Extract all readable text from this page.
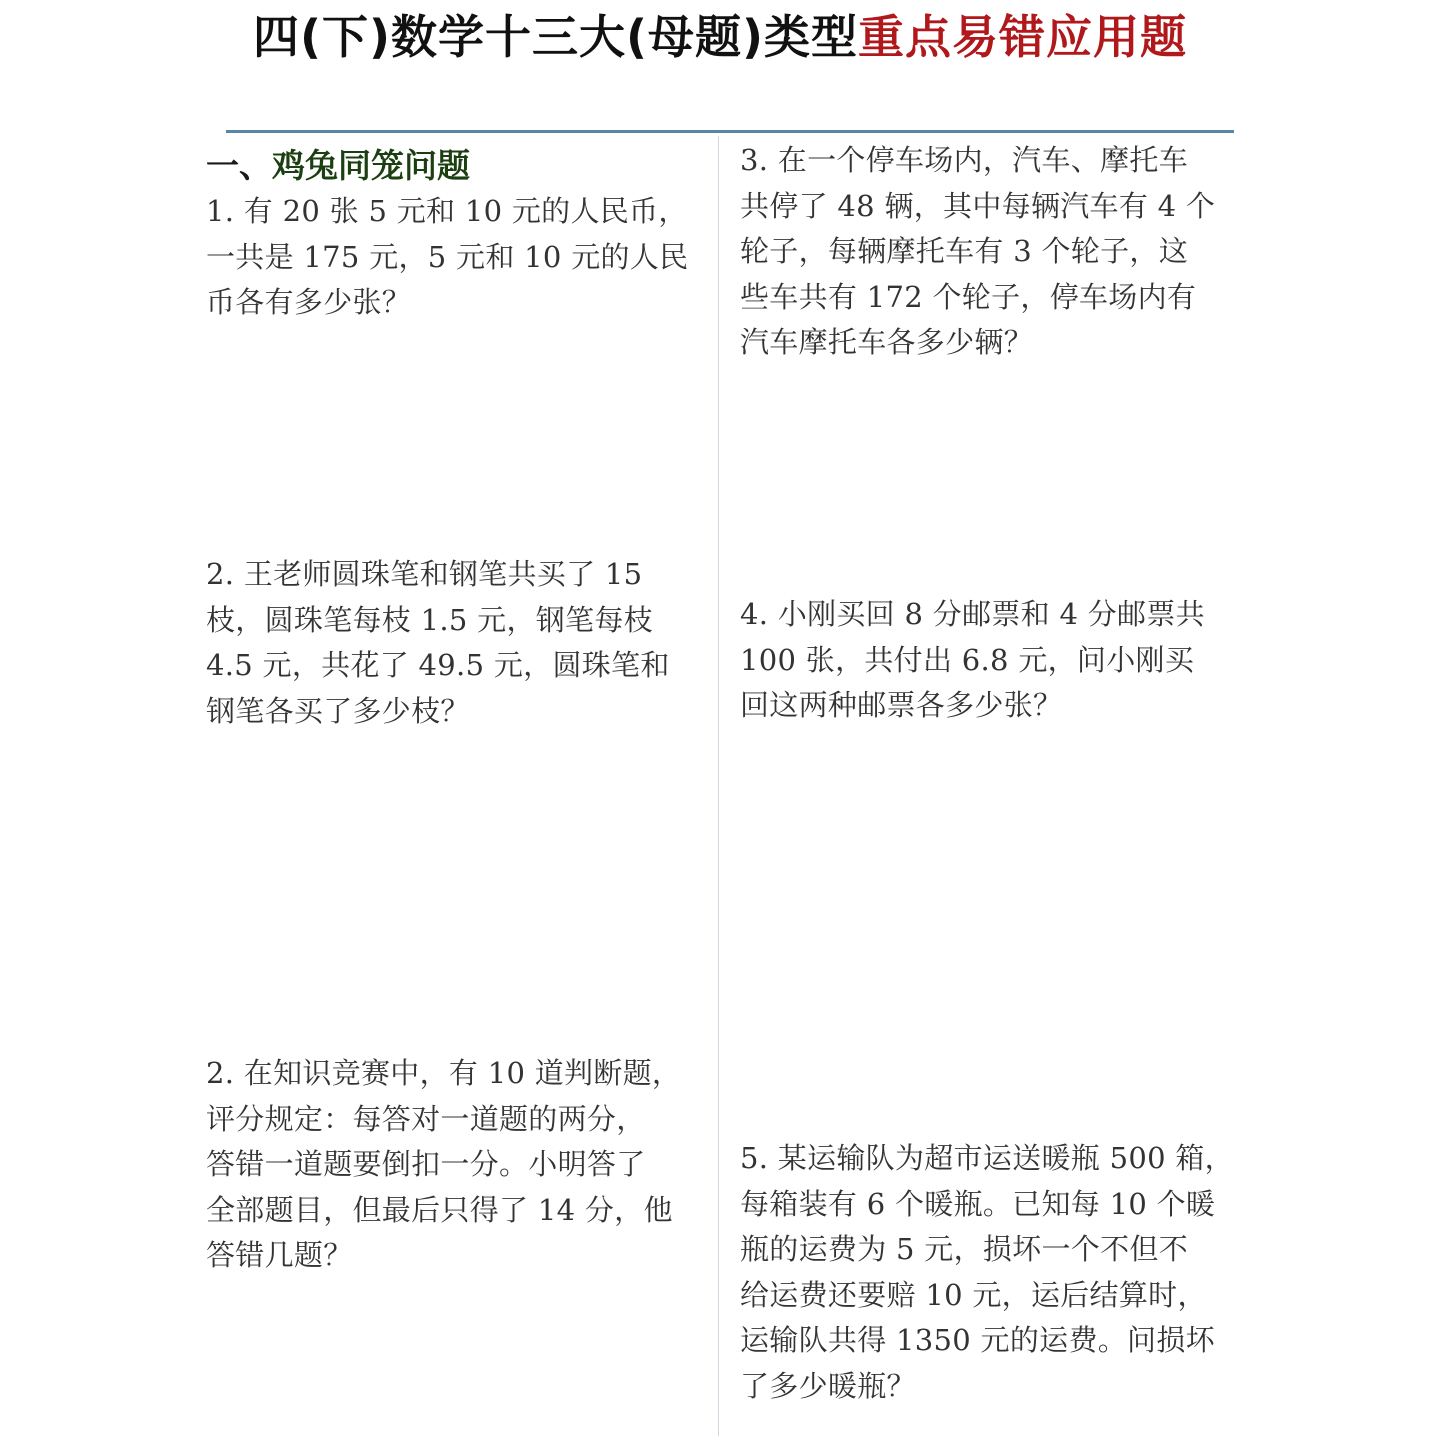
四(下)数学十三大(母题)类型重点易错应用题
一、鸡兔同笼问题
1. 有 20 张 5 元和 10 元的人民币，
一共是 175 元，5 元和 10 元的人民
币各有多少张？
2. 王老师圆珠笔和钢笔共买了 15
枝，圆珠笔每枝 1.5 元，钢笔每枝
4.5 元，共花了 49.5 元，圆珠笔和
钢笔各买了多少枝？
2. 在知识竞赛中，有 10 道判断题，
评分规定：每答对一道题的两分，
答错一道题要倒扣一分。小明答了
全部题目，但最后只得了 14 分，他
答错几题？
3. 在一个停车场内，汽车、摩托车
共停了 48 辆，其中每辆汽车有 4 个
轮子，每辆摩托车有 3 个轮子，这
些车共有 172 个轮子，停车场内有
汽车摩托车各多少辆？
4. 小刚买回 8 分邮票和 4 分邮票共
100 张，共付出 6.8 元，问小刚买
回这两种邮票各多少张？
5. 某运输队为超市运送暖瓶 500 箱，
每箱装有 6 个暖瓶。已知每 10 个暖
瓶的运费为 5 元，损坏一个不但不
给运费还要赔 10 元，运后结算时，
运输队共得 1350 元的运费。问损坏
了多少暖瓶？
